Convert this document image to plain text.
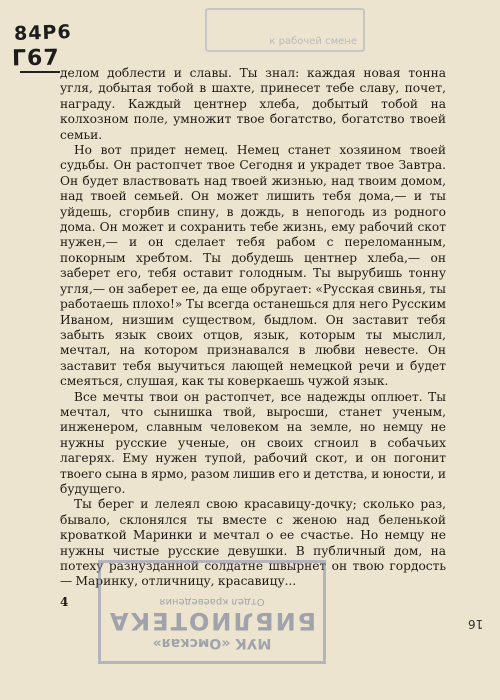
к рабочей смене
84Р6
Г67

делом доблести и славы. Ты знал: каждая новая тонна угля, добытая тобой в шахте, принесет тебе славу, почет, награду. Каждый центнер хлеба, добытый тобой на колхозном поле, умножит твое богатство, богатство твоей семьи.

Но вот придет немец. Немец станет хозяином твоей судьбы. Он растопчет твое Сегодня и украдет твое Завтра. Он будет властвовать над твоей жизнью, над твоим домом, над твоей семьей. Он может лишить тебя дома,— и ты уйдешь, сгорбив спину, в дождь, в непогодь из родного дома. Он может и сохранить тебе жизнь, ему рабочий скот нужен,— и он сделает тебя рабом с переломанным, покорным хребтом. Ты добудешь центнер хлеба,— он заберет его, тебя оставит голодным. Ты вырубишь тонну угля,— он заберет ее, да еще обругает: «Русская свинья, ты работаешь плохо!» Ты всегда останешься для него Русским Иваном, низшим существом, быдлом. Он заставит тебя забыть язык своих отцов, язык, которым ты мыслил, мечтал, на котором признавался в любви невесте. Он заставит тебя выучиться лающей немецкой речи и будет смеяться, слушая, как ты коверкаешь чужой язык.

Все мечты твои он растопчет, все надежды оплюет. Ты мечтал, что сынишка твой, выросши, станет ученым, инженером, славным человеком на земле, но немцу не нужны русские ученые, он своих сгноил в собачьих лагерях. Ему нужен тупой, рабочий скот, и он погонит твоего сына в ярмо, разом лишив его и детства, и юности, и будущего.

Ты берег и лелеял свою красавицу-дочку; сколько раз, бывало, склонялся ты вместе с женою над беленькой кроваткой Маринки и мечтал о ее счастье. Но немцу не нужны чистые русские девушки. В публичный дом, на потеху разнузданной солдатне швырнет он твою гордость — Маринку, отличницу, красавицу...

4
МУК «Омская»
БИБЛИОТЕКА
Отдел краеведения
16
